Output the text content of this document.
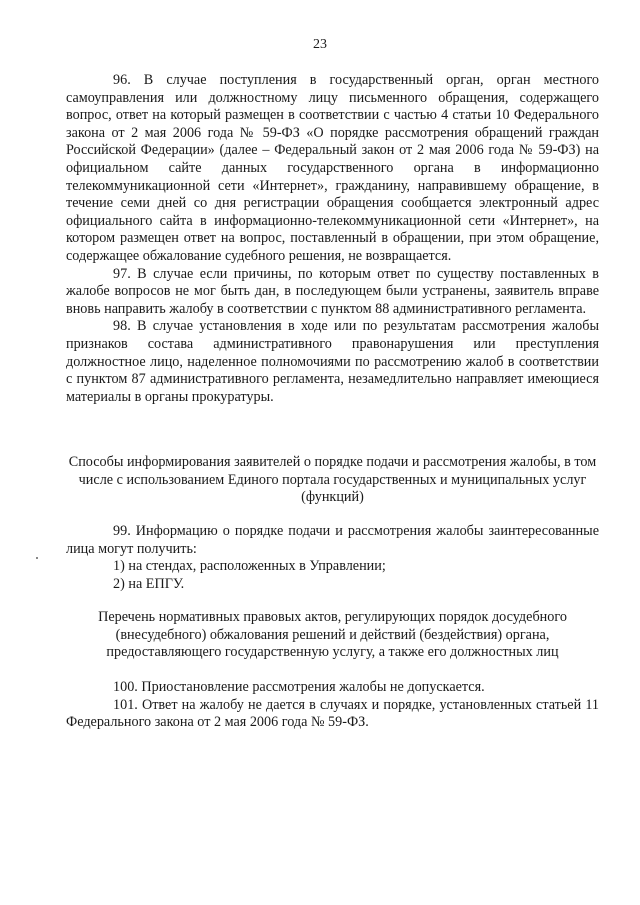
23

96. В случае поступления в государственный орган, орган местного самоуправления или должностному лицу письменного обращения, содержащего вопрос, ответ на который размещен в соответствии с частью 4 статьи 10 Федерального закона от 2 мая 2006 года № 59-ФЗ «О порядке рассмотрения обращений граждан Российской Федерации» (далее – Федеральный закон от 2 мая 2006 года № 59-ФЗ) на официальном сайте данных государственного органа в информационно телекоммуникационной сети «Интернет», гражданину, направившему обращение, в течение семи дней со дня регистрации обращения сообщается электронный адрес официального сайта в информационно-телекоммуникационной сети «Интернет», на котором размещен ответ на вопрос, поставленный в обращении, при этом обращение, содержащее обжалование судебного решения, не возвращается.

97. В случае если причины, по которым ответ по существу поставленных в жалобе вопросов не мог быть дан, в последующем были устранены, заявитель вправе вновь направить жалобу в соответствии с пунктом 88 административного регламента.

98. В случае установления в ходе или по результатам рассмотрения жалобы признаков состава административного правонарушения или преступления должностное лицо, наделенное полномочиями по рассмотрению жалоб в соответствии с пунктом 87 административного регламента, незамедлительно направляет имеющиеся материалы в органы прокуратуры.

Способы информирования заявителей о порядке подачи и рассмотрения жалобы, в том числе с использованием Единого портала государственных и муниципальных услуг (функций)

99. Информацию о порядке подачи и рассмотрения жалобы заинтересованные лица могут получить:

1) на стендах, расположенных в Управлении;

2) на ЕПГУ.

Перечень нормативных правовых актов, регулирующих порядок досудебного (внесудебного) обжалования решений и действий (бездействия) органа, предоставляющего государственную услугу, а также его должностных лиц

100. Приостановление рассмотрения жалобы не допускается.

101. Ответ на жалобу не дается в случаях и порядке, установленных статьей 11 Федерального закона от 2 мая 2006 года № 59-ФЗ.
